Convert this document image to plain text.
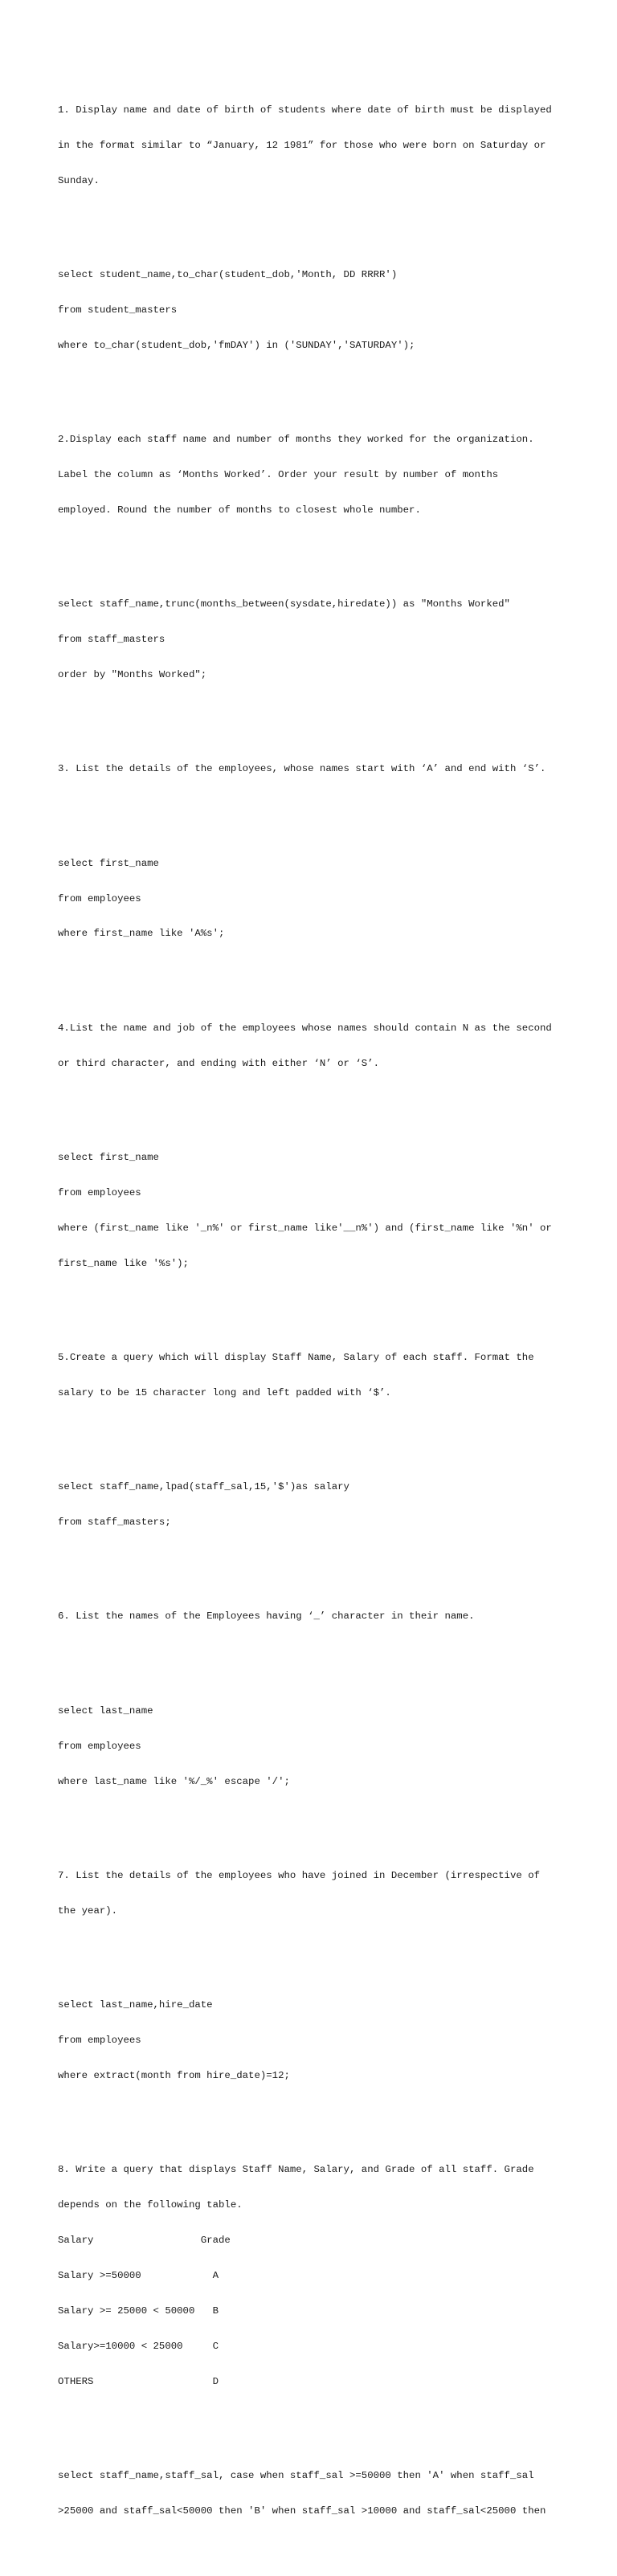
1. Display name and date of birth of students where date of birth must be displayed

in the format similar to “January, 12 1981” for those who were born on Saturday or

Sunday.

select student_name,to_char(student_dob,'Month, DD RRRR')

from student_masters

where to_char(student_dob,'fmDAY') in ('SUNDAY','SATURDAY');

2.Display each staff name and number of months they worked for the organization.

Label the column as ‘Months Worked’. Order your result by number of months

employed. Round the number of months to closest whole number.

select staff_name,trunc(months_between(sysdate,hiredate)) as "Months Worked"

from staff_masters

order by "Months Worked";

3. List the details of the employees, whose names start with ‘A’ and end with ‘S’.

select first_name

from employees

where first_name like 'A%s';

4.List the name and job of the employees whose names should contain N as the second

or third character, and ending with either ‘N’ or ‘S’.

select first_name

from employees

where (first_name like '_n%' or first_name like'__n%') and (first_name like '%n' or

first_name like '%s');

5.Create a query which will display Staff Name, Salary of each staff. Format the

salary to be 15 character long and left padded with ‘$’.

select staff_name,lpad(staff_sal,15,'$')as salary

from staff_masters;

6. List the names of the Employees having ‘_’ character in their name.

select last_name

from employees

where last_name like '%/_%' escape '/';

7. List the details of the employees who have joined in December (irrespective of

the year).

select last_name,hire_date

from employees

where extract(month from hire_date)=12;

8. Write a query that displays Staff Name, Salary, and Grade of all staff. Grade

depends on the following table.

Salary                  Grade

Salary >=50000            A

Salary >= 25000 < 50000   B

Salary>=10000 < 25000     C

OTHERS                    D

select staff_name,staff_sal, case when staff_sal >=50000 then 'A' when staff_sal

>25000 and staff_sal<50000 then 'B' when staff_sal >10000 and staff_sal<25000 then
